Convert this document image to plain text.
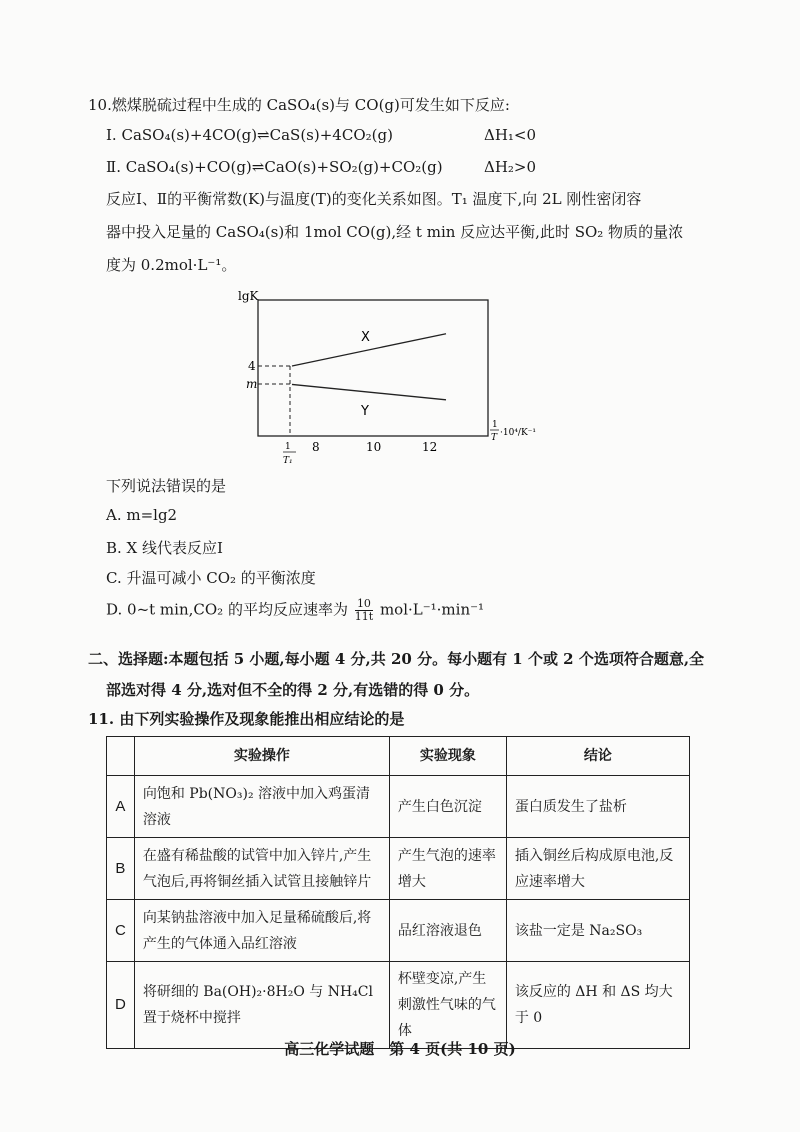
10.燃煤脱硫过程中生成的 CaSO₄(s)与 CO(g)可发生如下反应:
Ⅰ. CaSO₄(s)+4CO(g)⇌CaS(s)+4CO₂(g)	ΔH₁<0
Ⅱ. CaSO₄(s)+CO(g)⇌CaO(s)+SO₂(g)+CO₂(g)	ΔH₂>0
反应Ⅰ、Ⅱ的平衡常数(K)与温度(T)的变化关系如图。T₁ 温度下,向 2L 刚性密闭容
器中投入足量的 CaSO₄(s)和 1mol CO(g),经 t min 反应达平衡,此时 SO₂ 物质的量浓
度为 0.2mol·L⁻¹。
lgK
4
m
X
Y
1
T₁
8	10	12
1
T ·10⁴/K⁻¹
下列说法错误的是
A. m=lg2
B. X 线代表反应Ⅰ
C. 升温可减小 CO₂ 的平衡浓度
D. 0~t min,CO₂ 的平均反应速率为 $\frac{10}{11t} mol\cdot L^{-1}\cdot\min^{-1}$
二、选择题:本题包括 5 小题,每小题 4 分,共 20 分。每小题有 1 个或 2 个选项符合题意,全
部选对得 4 分,选对但不全的得 2 分,有选错的得 0 分。
11. 由下列实验操作及现象能推出相应结论的是
	实验操作	实验现象	结论
A	向饱和 Pb(NO₃)₂ 溶液中加入鸡蛋清溶液	产生白色沉淀	蛋白质发生了盐析
B	在盛有稀盐酸的试管中加入锌片,产生气泡后,再将铜丝插入试管且接触锌片	产生气泡的速率增大	插入铜丝后构成原电池,反应速率增大
C	向某钠盐溶液中加入足量稀硫酸后,将产生的气体通入品红溶液	品红溶液退色	该盐一定是 Na₂SO₃
D	将研细的 Ba(OH)₂·8H₂O 与 NH₄Cl 置于烧杯中搅拌	杯壁变凉,产生刺激性气味的气体	该反应的 ΔH 和 ΔS 均大于 0
高三化学试题　第 4 页(共 10 页)
